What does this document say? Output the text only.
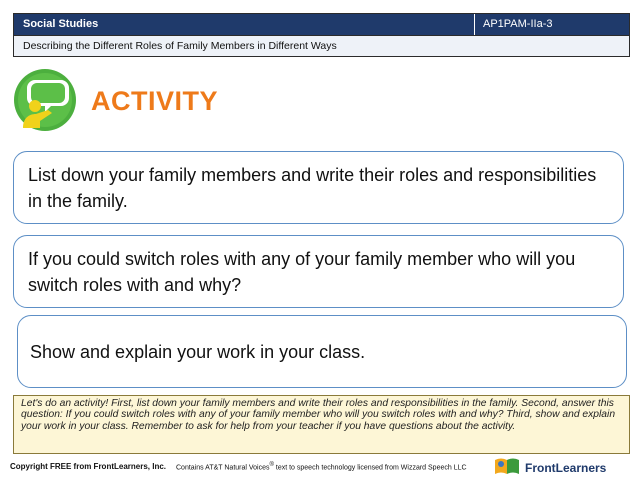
Social Studies	AP1PAM-IIa-3
Describing the Different Roles of Family Members in Different Ways
ACTIVITY
List down your family members and write their roles and responsibilities in the family.
If you could switch roles with any of your family member who will you switch roles with and why?
Show and explain your work in your class.
Let's do an activity! First, list down your family members and write their roles and responsibilities in the family. Second, answer this question: If you could switch roles with any of your family member who will you switch roles with and why? Third, show and explain your work in your class. Remember to ask for help from your teacher if you have questions about the activity.
Copyright FREE from FrontLearners, Inc. Contains AT&T Natural Voices® text to speech technology licensed from Wizzard Speech LLC	FrontLearners
